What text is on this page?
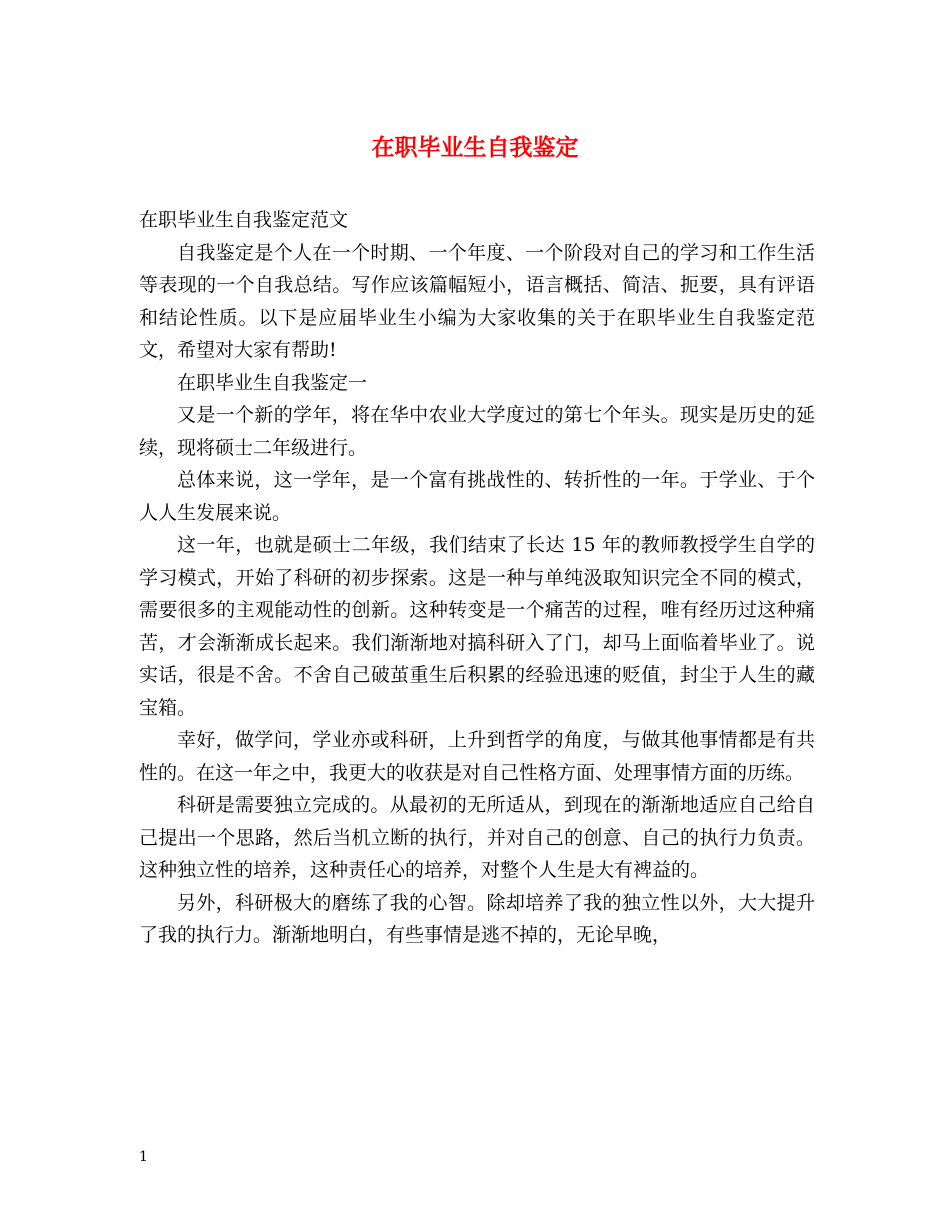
在职毕业生自我鉴定

在职毕业生自我鉴定范文

自我鉴定是个人在一个时期、一个年度、一个阶段对自己的学习和工作生活等表现的一个自我总结。写作应该篇幅短小，语言概括、简洁、扼要，具有评语和结论性质。以下是应届毕业生小编为大家收集的关于在职毕业生自我鉴定范文，希望对大家有帮助!

在职毕业生自我鉴定一

又是一个新的学年，将在华中农业大学度过的第七个年头。现实是历史的延续，现将硕士二年级进行。

总体来说，这一学年，是一个富有挑战性的、转折性的一年。于学业、于个人人生发展来说。

这一年，也就是硕士二年级，我们结束了长达 15 年的教师教授学生自学的学习模式，开始了科研的初步探索。这是一种与单纯汲取知识完全不同的模式，需要很多的主观能动性的创新。这种转变是一个痛苦的过程，唯有经历过这种痛苦，才会渐渐成长起来。我们渐渐地对搞科研入了门，却马上面临着毕业了。说实话，很是不舍。不舍自己破茧重生后积累的经验迅速的贬值，封尘于人生的藏宝箱。

幸好，做学问，学业亦或科研，上升到哲学的角度，与做其他事情都是有共性的。在这一年之中，我更大的收获是对自己性格方面、处理事情方面的历练。

科研是需要独立完成的。从最初的无所适从，到现在的渐渐地适应自己给自己提出一个思路，然后当机立断的执行，并对自己的创意、自己的执行力负责。这种独立性的培养，这种责任心的培养，对整个人生是大有裨益的。

另外，科研极大的磨练了我的心智。除却培养了我的独立性以外，大大提升了我的执行力。渐渐地明白，有些事情是逃不掉的，无论早晚，

1
